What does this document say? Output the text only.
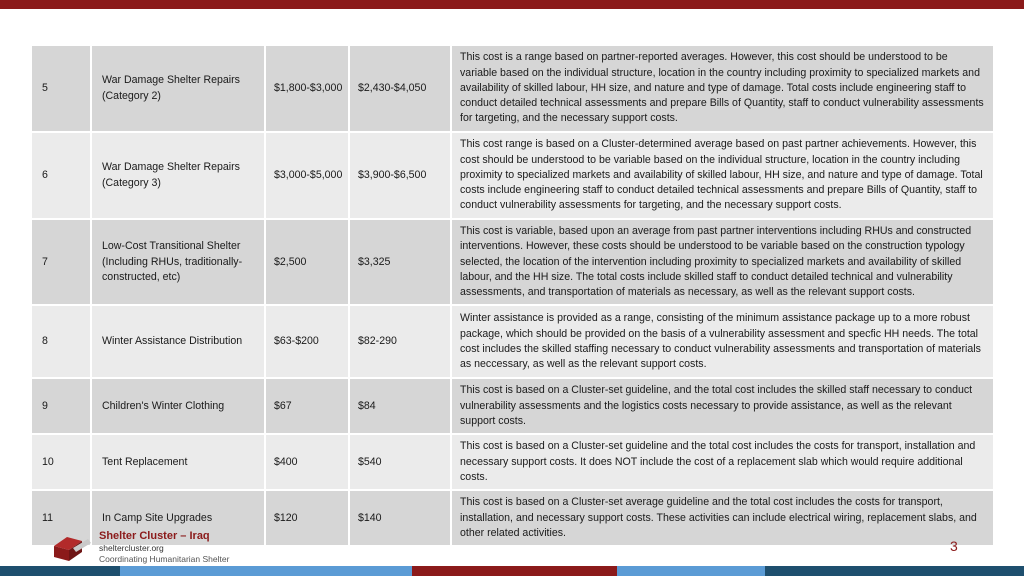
5	War Damage Shelter Repairs (Category 2)	$1,800-$3,000	$2,430-$4,050	This cost is a range based on partner-reported averages. However, this cost should be understood to be variable based on the individual structure, location in the country including proximity to specialized markets and availability of skilled labour, HH size, and nature and type of damage. Total costs include engineering staff to conduct detailed technical assessments and prepare Bills of Quantity, staff to conduct vulnerability assessments for targeting, and the necessary support costs.
6	War Damage Shelter Repairs (Category 3)	$3,000-$5,000	$3,900-$6,500	This cost range is based on a Cluster-determined average based on past partner achievements. However, this cost should be understood to be variable based on the individual structure, location in the country including proximity to specialized markets and availability of skilled labour, HH size, and nature and type of damage. Total costs include engineering staff to conduct detailed technical assessments and prepare Bills of Quantity, staff to conduct vulnerability assessments for targeting, and the necessary support costs.
7	Low-Cost Transitional Shelter (Including RHUs, traditionally-constructed, etc)	$2,500	$3,325	This cost is variable, based upon an average from past partner interventions including RHUs and constructed interventions. However, these costs should be understood to be variable based on the construction typology selected, the location of the intervention including proximity to specialized markets and availability of skilled labour, and the HH size. The total costs include skilled staff to conduct detailed technical and vulnerability assessments, and transportation of materials as necessary, as well as the relevant support costs.
8	Winter Assistance Distribution	$63-$200	$82-290	Winter assistance is provided as a range, consisting of the minimum assistance package up to a more robust package, which should be provided on the basis of a vulnerability assessment and specfic HH needs. The total cost includes the skilled staffing necessary to conduct vulnerability assessments and transportation of materials as neccessary, as well as the relevant support costs.
9	Children's Winter Clothing	$67	$84	This cost is based on a Cluster-set guideline, and the total cost includes the skilled staff necessary to conduct vulnerability assessments and the logistics costs necessary to provide assistance, as well as the relevant support costs.
10	Tent Replacement	$400	$540	This cost is based on a Cluster-set guideline and the total cost includes the costs for transport, installation and necessary support costs. It does NOT include the cost of a replacement slab which would require additional costs.
11	In Camp Site Upgrades	$120	$140	This cost is based on a Cluster-set average guideline and the total cost includes the costs for transport, installation, and necessary support costs. These activities can include electrical wiring, replacement slabs, and other related activities.
Shelter Cluster – Iraq
sheltercluster.org
Coordinating Humanitarian Shelter
3
